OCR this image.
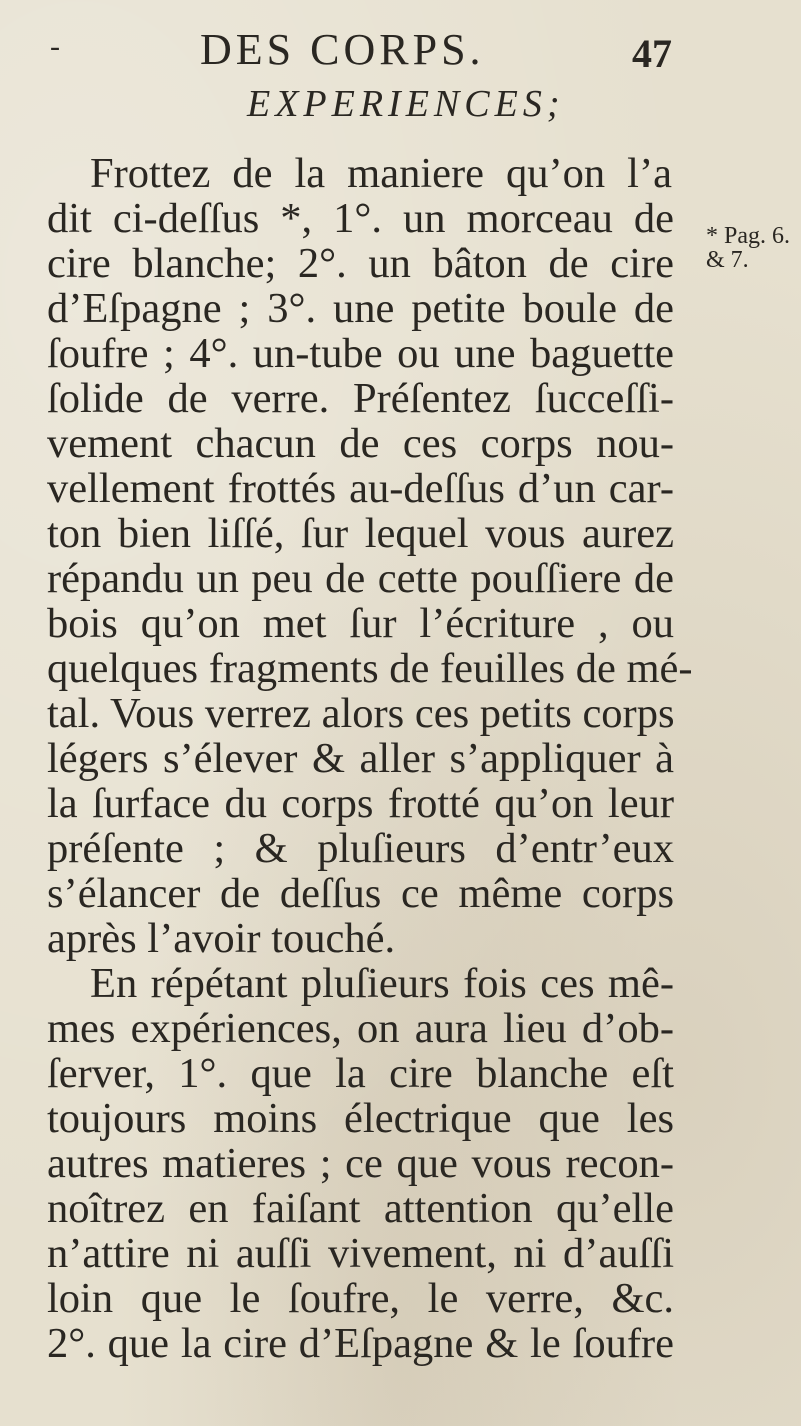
-	DES CORPS.	47
EXPERIENCES;
* Pag. 6.
& 7.
Frottez de la maniere qu’on l’a
dit ci-deſſus *, 1°. un morceau de
cire blanche; 2°. un bâton de cire
d’Eſpagne ; 3°. une petite boule de
ſoufre ; 4°. un-tube ou une baguette
ſolide de verre. Préſentez ſucceſſi-
vement chacun de ces corps nou-
vellement frottés au-deſſus d’un car-
ton bien liſſé, ſur lequel vous aurez
répandu un peu de cette pouſſiere de
bois qu’on met ſur l’écriture , ou
quelques fragments de feuilles de mé-
tal. Vous verrez alors ces petits corps
légers s’élever & aller s’appliquer à
la ſurface du corps frotté qu’on leur
préſente ; & pluſieurs d’entr’eux
s’élancer de deſſus ce même corps
après l’avoir touché.
En répétant pluſieurs fois ces mê-
mes expériences, on aura lieu d’ob-
ſerver, 1°. que la cire blanche eſt
toujours moins électrique que les
autres matieres ; ce que vous recon-
noîtrez en faiſant attention qu’elle
n’attire ni auſſi vivement, ni d’auſſi
loin que le ſoufre, le verre, &c.
2°. que la cire d’Eſpagne & le ſoufre
